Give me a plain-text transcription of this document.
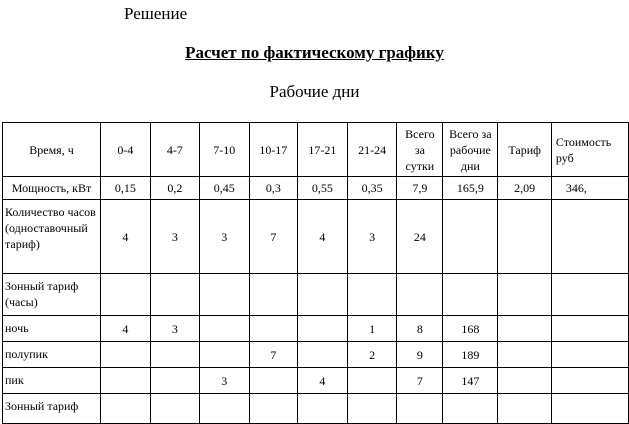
Решение
Расчет по фактическому графику
Рабочие дни
Время, ч	0-4	4-7	7-10	10-17	17-21	21-24	Всего за сутки	Всего за рабочие дни	Тариф	Стоимость руб

Мощность, кВт	0,15	0,2	0,45	0,3	0,55	0,35	7,9	165,9	2,09	346,
Количество часов (одноставочный тариф)	4	3	3	7	4	3	24			
Зонный тариф (часы)										
ночь	4	3				1	8	168		
полупик				7		2	9	189		
пик			3		4		7	147		
Зонный тариф										
